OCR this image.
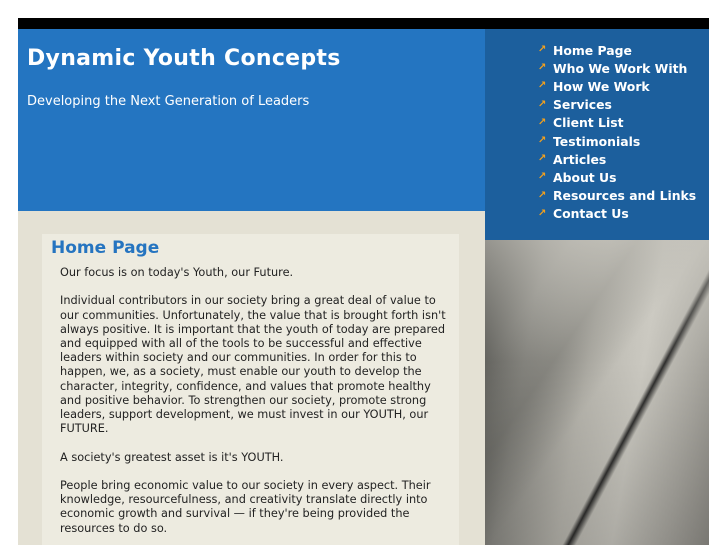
Dynamic Youth Concepts

Developing the Next Generation of Leaders

↗ Home Page
↗ Who We Work With
↗ How We Work
↗ Services
↗ Client List
↗ Testimonials
↗ Articles
↗ About Us
↗ Resources and Links
↗ Contact Us
Home Page

Our focus is on today's Youth, our Future.

Individual contributors in our society bring a great deal of value to our communities. Unfortunately, the value that is brought forth isn't always positive. It is important that the youth of today are prepared and equipped with all of the tools to be successful and effective leaders within society and our communities. In order for this to happen, we, as a society, must enable our youth to develop the character, integrity, confidence, and values that promote healthy and positive behavior. To strengthen our society, promote strong leaders, support development, we must invest in our YOUTH, our FUTURE.

A society's greatest asset is it's YOUTH.

People bring economic value to our society in every aspect. Their knowledge, resourcefulness, and creativity translate directly into economic growth and survival — if they're being provided the resources to do so.
